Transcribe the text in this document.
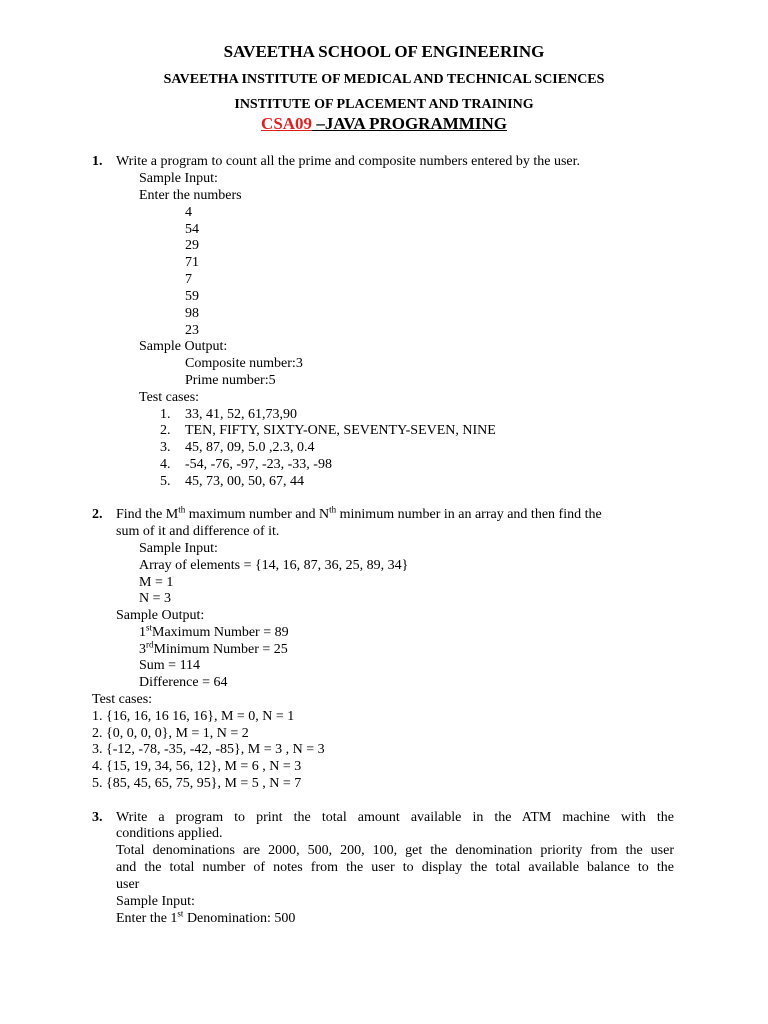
SAVEETHA SCHOOL OF ENGINEERING
SAVEETHA INSTITUTE OF MEDICAL AND TECHNICAL SCIENCES
INSTITUTE OF PLACEMENT AND TRAINING
CSA09 –JAVA PROGRAMMING
1. Write a program to count all the prime and composite numbers entered by the user.
Sample Input:
Enter the numbers
4
54
29
71
7
59
98
23
Sample Output:
Composite number:3
Prime number:5
Test cases:
1. 33, 41, 52, 61,73,90
2. TEN, FIFTY, SIXTY-ONE, SEVENTY-SEVEN, NINE
3. 45, 87, 09, 5.0 ,2.3, 0.4
4. -54, -76, -97, -23, -33, -98
5. 45, 73, 00, 50, 67, 44
2. Find the Mth maximum number and $N^{th}$ minimum number in an array and then find the
sum of it and difference of it.
Sample Input:
Array of elements = {14, 16, 87, 36, 25, 89, 34}
M = 1
N = 3
Sample Output:
1stMaximum Number = 89
3rdMinimum Number = 25
Sum = 114
Difference = 64
Test cases:
1. {16, 16, 16 16, 16}, M = 0, N = 1
2. {0, 0, 0, 0}, M = 1, N = 2
3. {-12, -78, -35, -42, -85}, M = 3 , N = 3
4. {15, 19, 34, 56, 12}, M = 6 , N = 3
5. {85, 45, 65, 75, 95}, M = 5 , N = 7
3. Write a program to print the total amount available in the ATM machine with the
conditions applied.
Total denominations are 2000, 500, 200, 100, get the denomination priority from the user
and the total number of notes from the user to display the total available balance to the
user
Sample Input:
Enter the 1st Denomination: 500
